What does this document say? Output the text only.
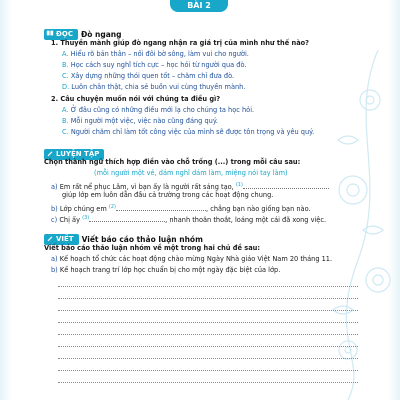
BÀI 2
ĐỌC Đò ngang
1. Thuyền mành giúp đò ngang nhận ra giá trị của mình như thế nào?
A. Hiểu rõ bản thân – nối đôi bờ sông, làm vui cho người.
B. Học cách suy nghĩ tích cực – học hỏi từ người qua đò.
C. Xây dựng những thói quen tốt – chăm chỉ đưa đò.
D. Luôn chân thật, chia sẻ buồn vui cùng thuyền mành.
2. Câu chuyện muốn nói với chúng ta điều gì?
A. Ở đâu cũng có những điều mới lạ cho chúng ta học hỏi.
B. Mỗi người một việc, việc nào cũng đáng quý.
C. Người chăm chỉ làm tốt công việc của mình sẽ được tôn trọng và yêu quý.
LUYỆN TẬP
Chọn thành ngữ thích hợp điền vào chỗ trống (...) trong mỗi câu sau:
(mỗi người một vẻ, dám nghĩ dám làm, miệng nói tay làm)
a) Em rất nể phục Lâm, vì bạn ấy là người rất sáng tạo, $^{(1)}$
giúp lớp em luôn dẫn đầu cả trường trong các hoạt động chung.
b) Lớp chúng em $^{(2)}$	, chẳng bạn nào giống bạn nào.
c) Chị ấy $^{(3)}$	, nhanh thoăn thoắt, loáng một cái đã xong việc.
VIẾT Viết báo cáo thảo luận nhóm
Viết báo cáo thảo luận nhóm về một trong hai chủ đề sau:
a) Kế hoạch tổ chức các hoạt động chào mừng Ngày Nhà giáo Việt Nam 20 tháng 11.
b) Kế hoạch trang trí lớp học chuẩn bị cho một ngày đặc biệt của lớp.
